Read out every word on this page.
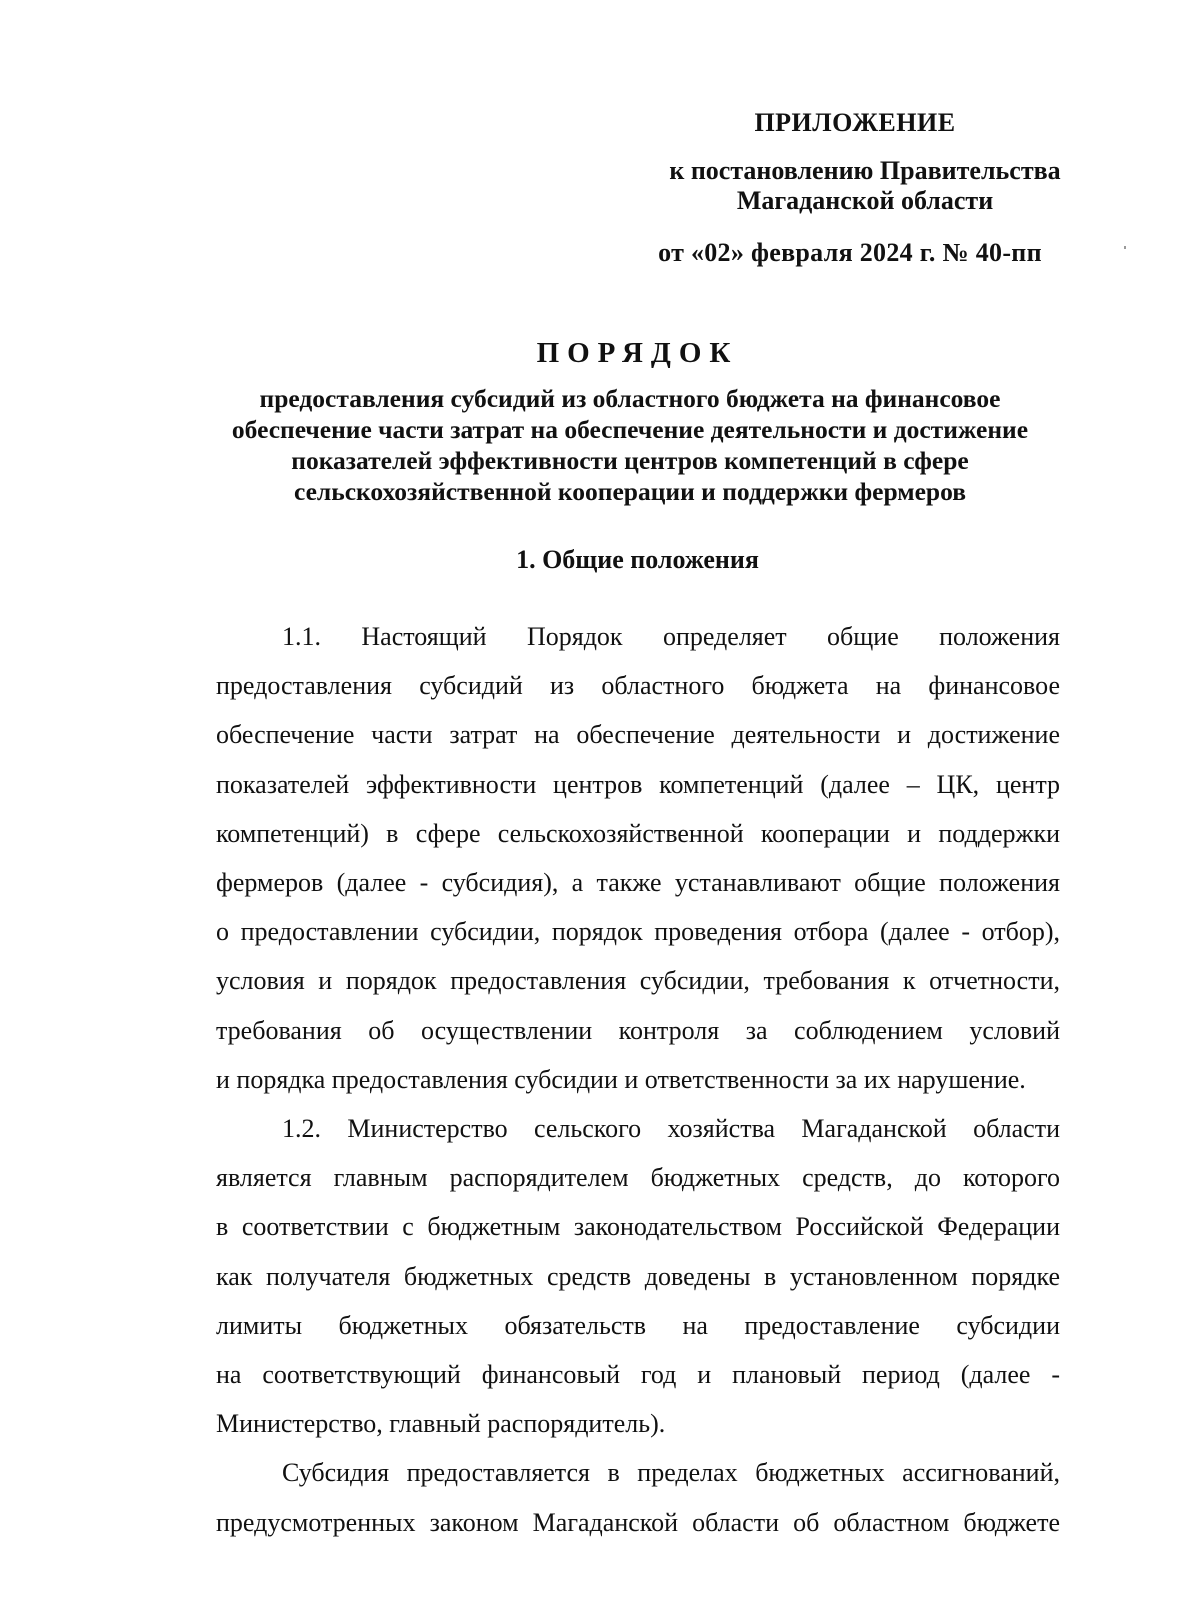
ПРИЛОЖЕНИЕ
к постановлению Правительства
Магаданской области
от «02» февраля 2024 г. № 40-пп
ПОРЯДОК
предоставления субсидий из областного бюджета на финансовое
обеспечение части затрат на обеспечение деятельности и достижение
показателей эффективности центров компетенций в сфере
сельскохозяйственной кооперации и поддержки фермеров
1. Общие положения
1.1. Настоящий Порядок определяет общие положения
предоставления субсидий из областного бюджета на финансовое
обеспечение части затрат на обеспечение деятельности и достижение
показателей эффективности центров компетенций (далее – ЦК, центр
компетенций) в сфере сельскохозяйственной кооперации и поддержки
фермеров (далее - субсидия), а также устанавливают общие положения
о предоставлении субсидии, порядок проведения отбора (далее - отбор),
условия и порядок предоставления субсидии, требования к отчетности,
требования об осуществлении контроля за соблюдением условий
и порядка предоставления субсидии и ответственности за их нарушение.
1.2. Министерство сельского хозяйства Магаданской области
является главным распорядителем бюджетных средств, до которого
в соответствии с бюджетным законодательством Российской Федерации
как получателя бюджетных средств доведены в установленном порядке
лимиты бюджетных обязательств на предоставление субсидии
на соответствующий финансовый год и плановый период (далее -
Министерство, главный распорядитель).
Субсидия предоставляется в пределах бюджетных ассигнований,
предусмотренных законом Магаданской области об областном бюджете
